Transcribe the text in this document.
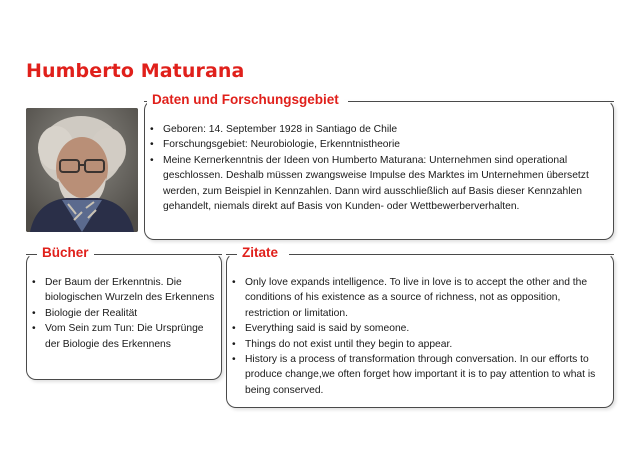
Humberto Maturana
Daten und Forschungsgebiet
• Geboren: 14. September 1928 in Santiago de Chile
• Forschungsgebiet: Neurobiologie, Erkenntnistheorie
• Meine Kernerkenntnis der Ideen von Humberto Maturana: Unternehmen sind operational geschlossen. Deshalb müssen zwangsweise Impulse des Marktes im Unternehmen übersetzt werden, zum Beispiel in Kennzahlen. Dann wird ausschließlich auf Basis dieser Kennzahlen gehandelt, niemals direkt auf Basis von Kunden- oder Wettbewerberverhalten.
Bücher
• Der Baum der Erkenntnis. Die biologischen Wurzeln des Erkennens
• Biologie der Realität
• Vom Sein zum Tun: Die Ursprünge der Biologie des Erkennens
Zitate
• Only love expands intelligence. To live in love is to accept the other and the conditions of his existence as a source of richness, not as opposition, restriction or limitation.
• Everything said is said by someone.
• Things do not exist until they begin to appear.
• History is a process of transformation through conversation. In our efforts to produce change,we often forget how important it is to pay attention to what is being conserved.
